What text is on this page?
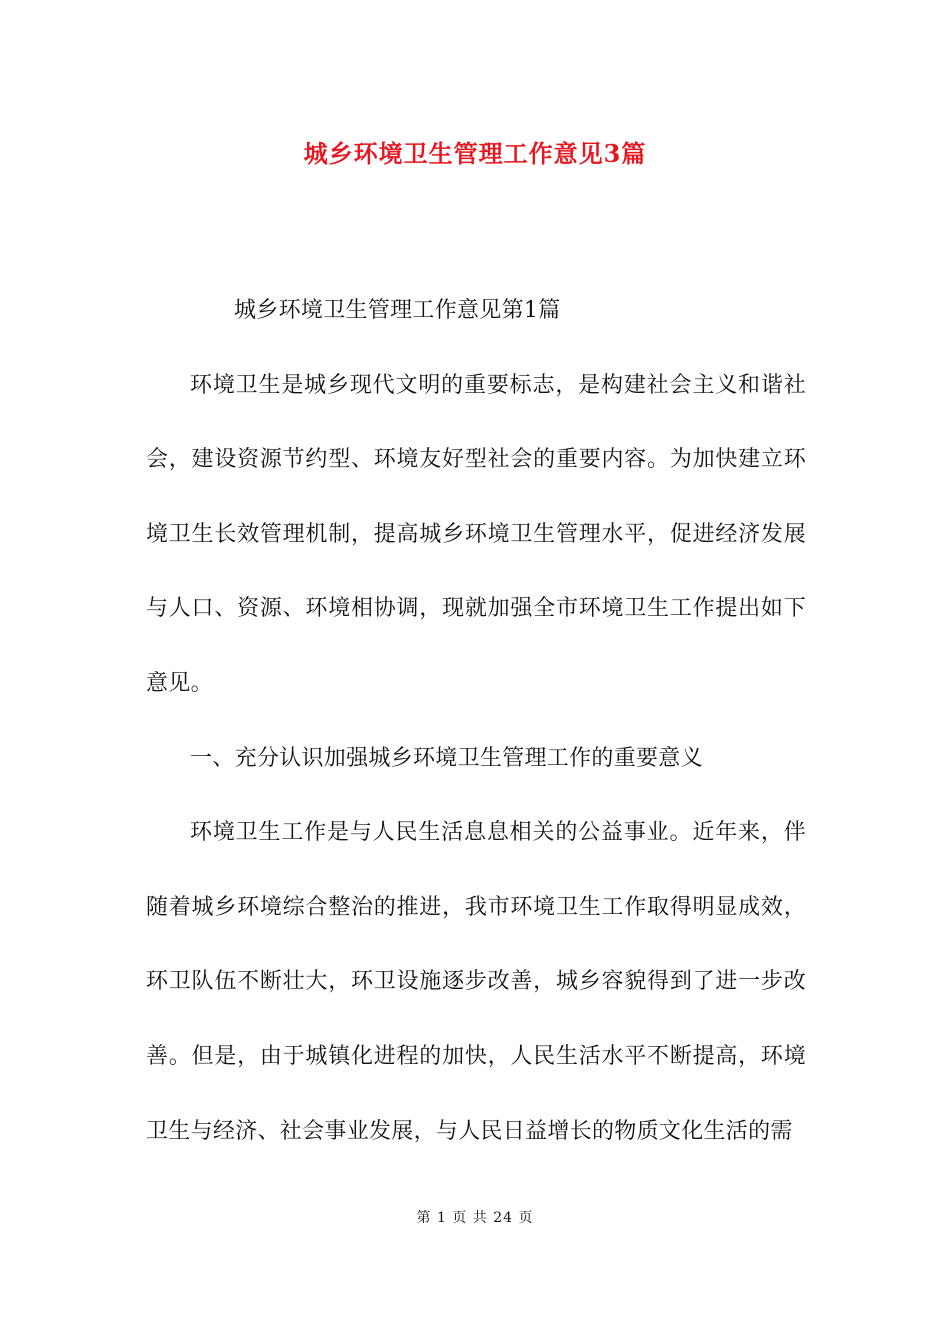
城乡环境卫生管理工作意见3篇

城乡环境卫生管理工作意见第1篇

环境卫生是城乡现代文明的重要标志，是构建社会主义和谐社会，建设资源节约型、环境友好型社会的重要内容。为加快建立环境卫生长效管理机制，提高城乡环境卫生管理水平，促进经济发展与人口、资源、环境相协调，现就加强全市环境卫生工作提出如下意见。

一、充分认识加强城乡环境卫生管理工作的重要意义

环境卫生工作是与人民生活息息相关的公益事业。近年来，伴随着城乡环境综合整治的推进，我市环境卫生工作取得明显成效，环卫队伍不断壮大，环卫设施逐步改善，城乡容貌得到了进一步改善。但是，由于城镇化进程的加快，人民生活水平不断提高，环境卫生与经济、社会事业发展，与人民日益增长的物质文化生活的需

第 1 页 共 24 页
